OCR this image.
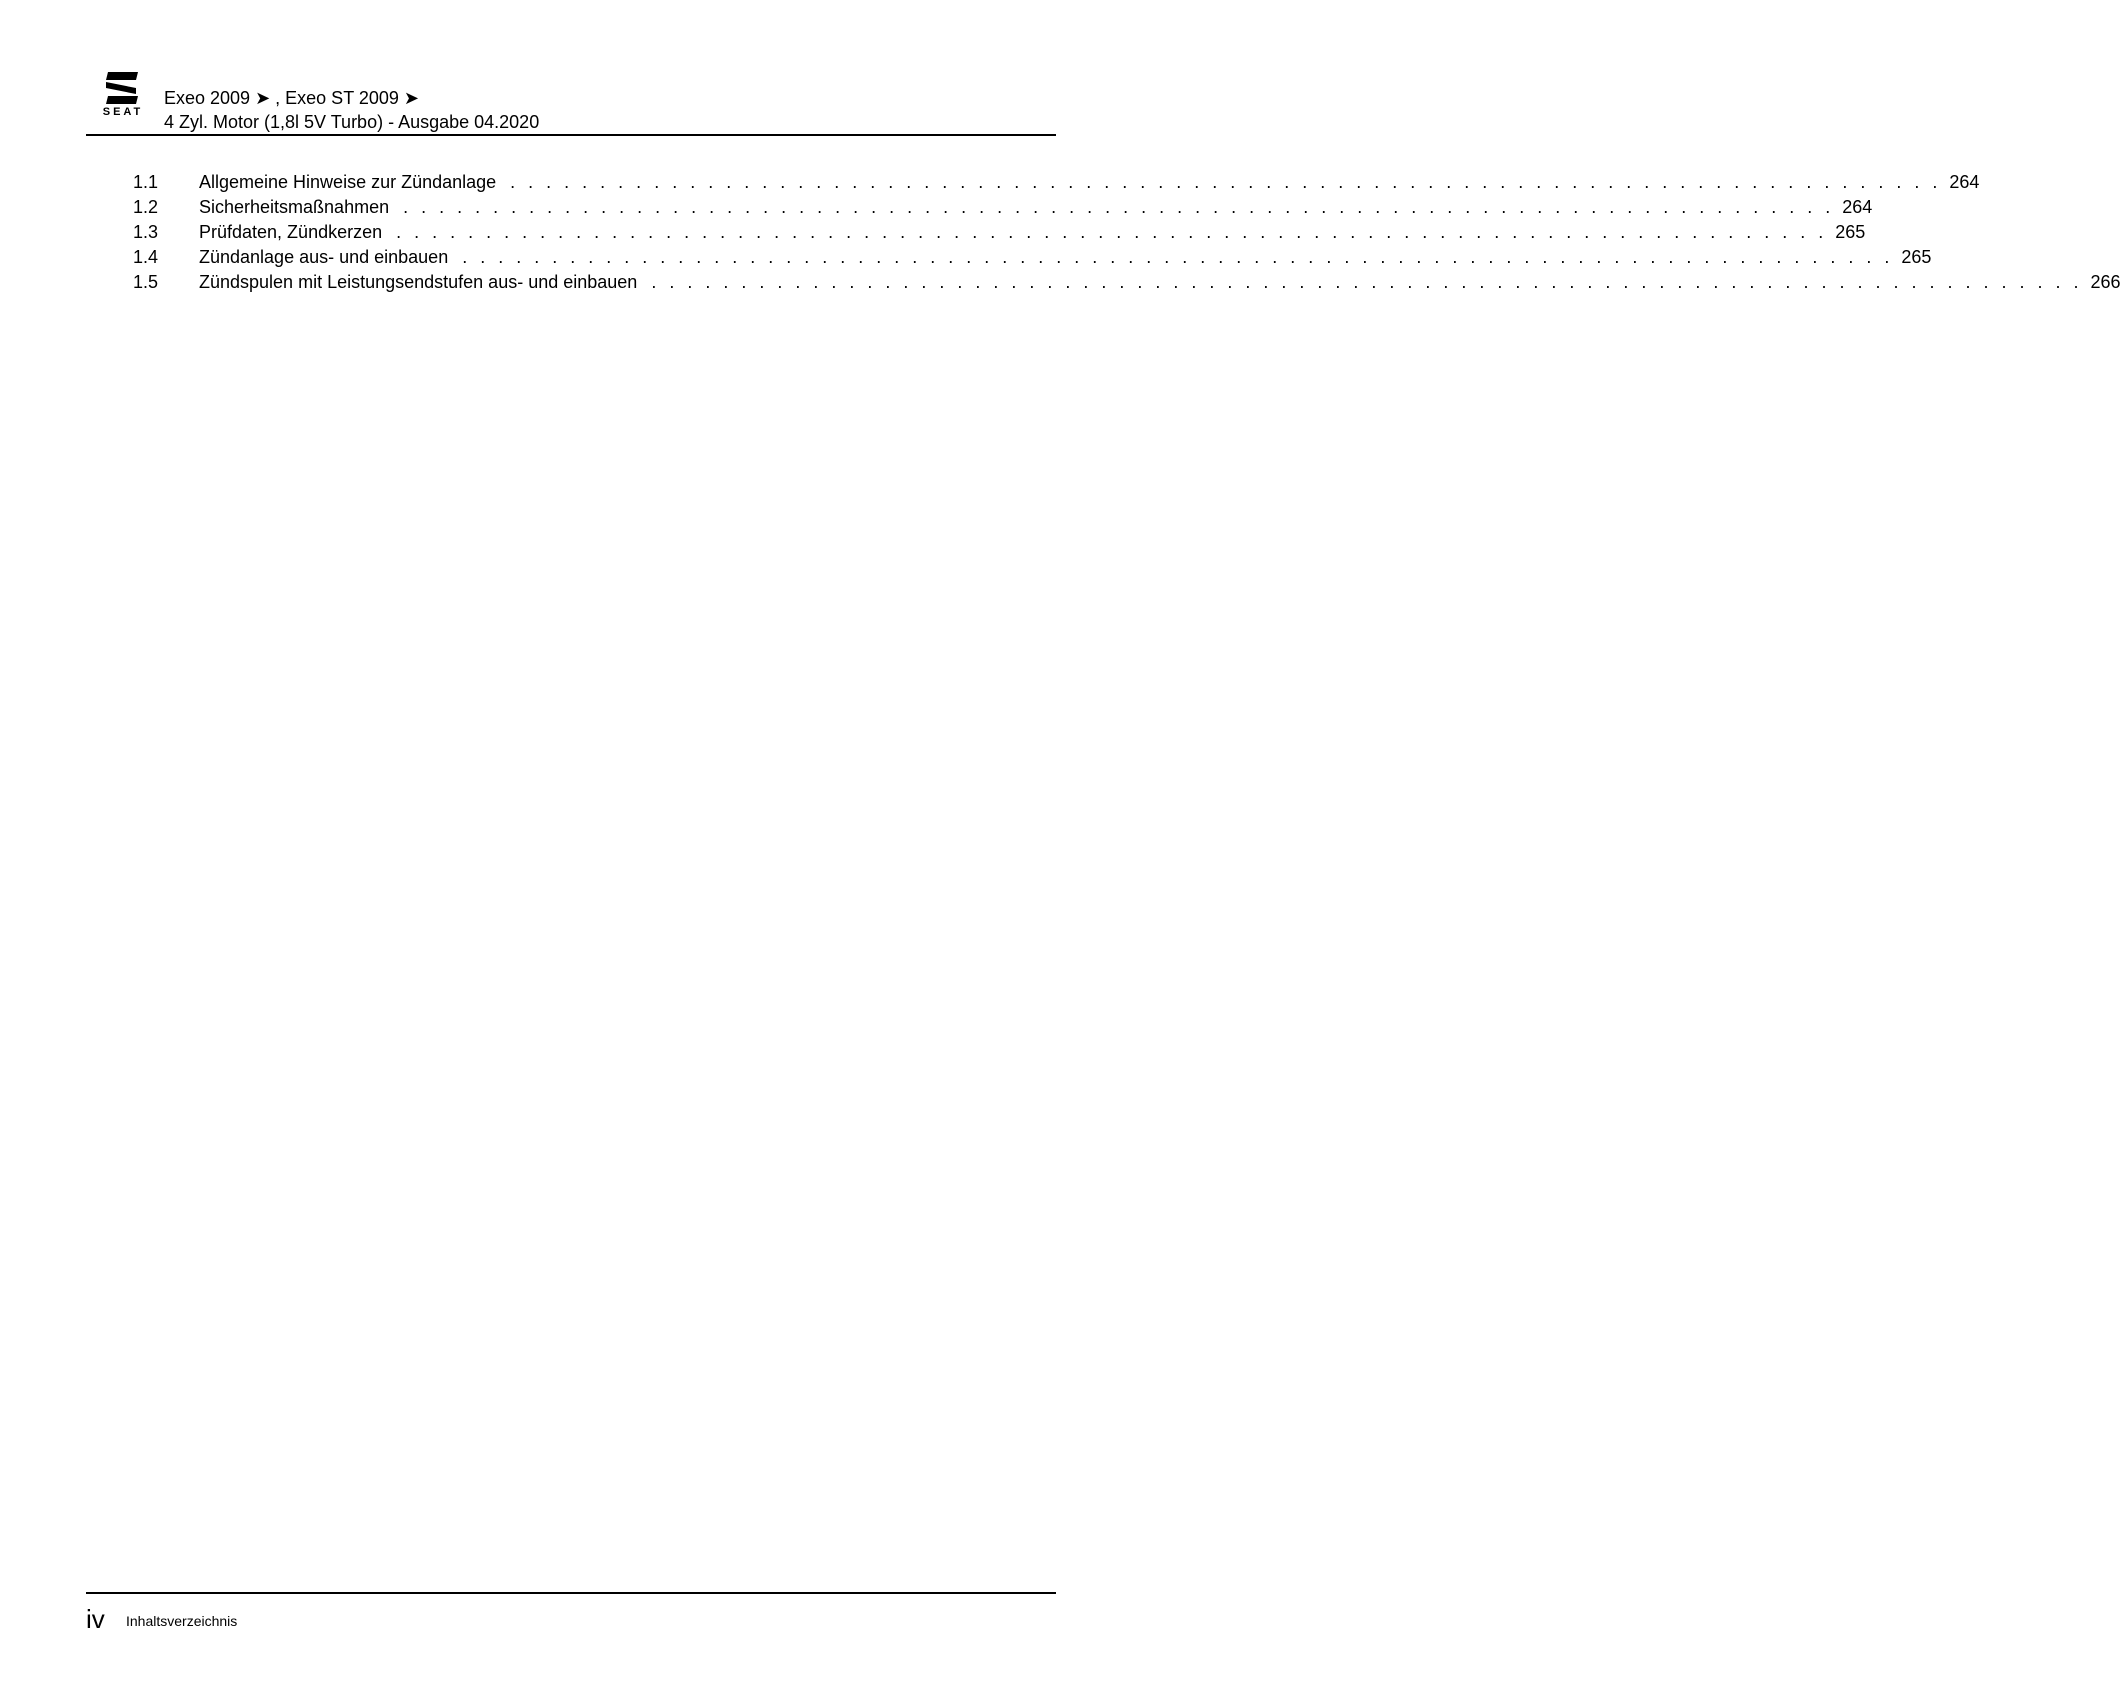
SEAT
Exeo 2009 ➤ , Exeo ST 2009 ➤
4 Zyl. Motor (1,8l 5V Turbo) - Ausgabe 04.2020
1.1	Allgemeine Hinweise zur Zündanlage . . . . . . . . . . . . . . . . . . . . . . . . . . . . . . . . . . . . . . . . . . . . . . . . . . . . . . . . . . . . . . . . . . . . . . . . . . . . . . . . 264
1.2	Sicherheitsmaßnahmen . . . . . . . . . . . . . . . . . . . . . . . . . . . . . . . . . . . . . . . . . . . . . . . . . . . . . . . . . . . . . . . . . . . . . . . . . . . . . . . . 264
1.3	Prüfdaten, Zündkerzen . . . . . . . . . . . . . . . . . . . . . . . . . . . . . . . . . . . . . . . . . . . . . . . . . . . . . . . . . . . . . . . . . . . . . . . . . . . . . . . . 265
1.4	Zündanlage aus- und einbauen . . . . . . . . . . . . . . . . . . . . . . . . . . . . . . . . . . . . . . . . . . . . . . . . . . . . . . . . . . . . . . . . . . . . . . . . . . . . . . . . 265
1.5	Zündspulen mit Leistungsendstufen aus- und einbauen . . . . . . . . . . . . . . . . . . . . . . . . . . . . . . . . . . . . . . . . . . . . . . . . . . . . . . . . . . . . . . . . . . . . . . . . . . . . . . . . 266
iv Inhaltsverzeichnis
